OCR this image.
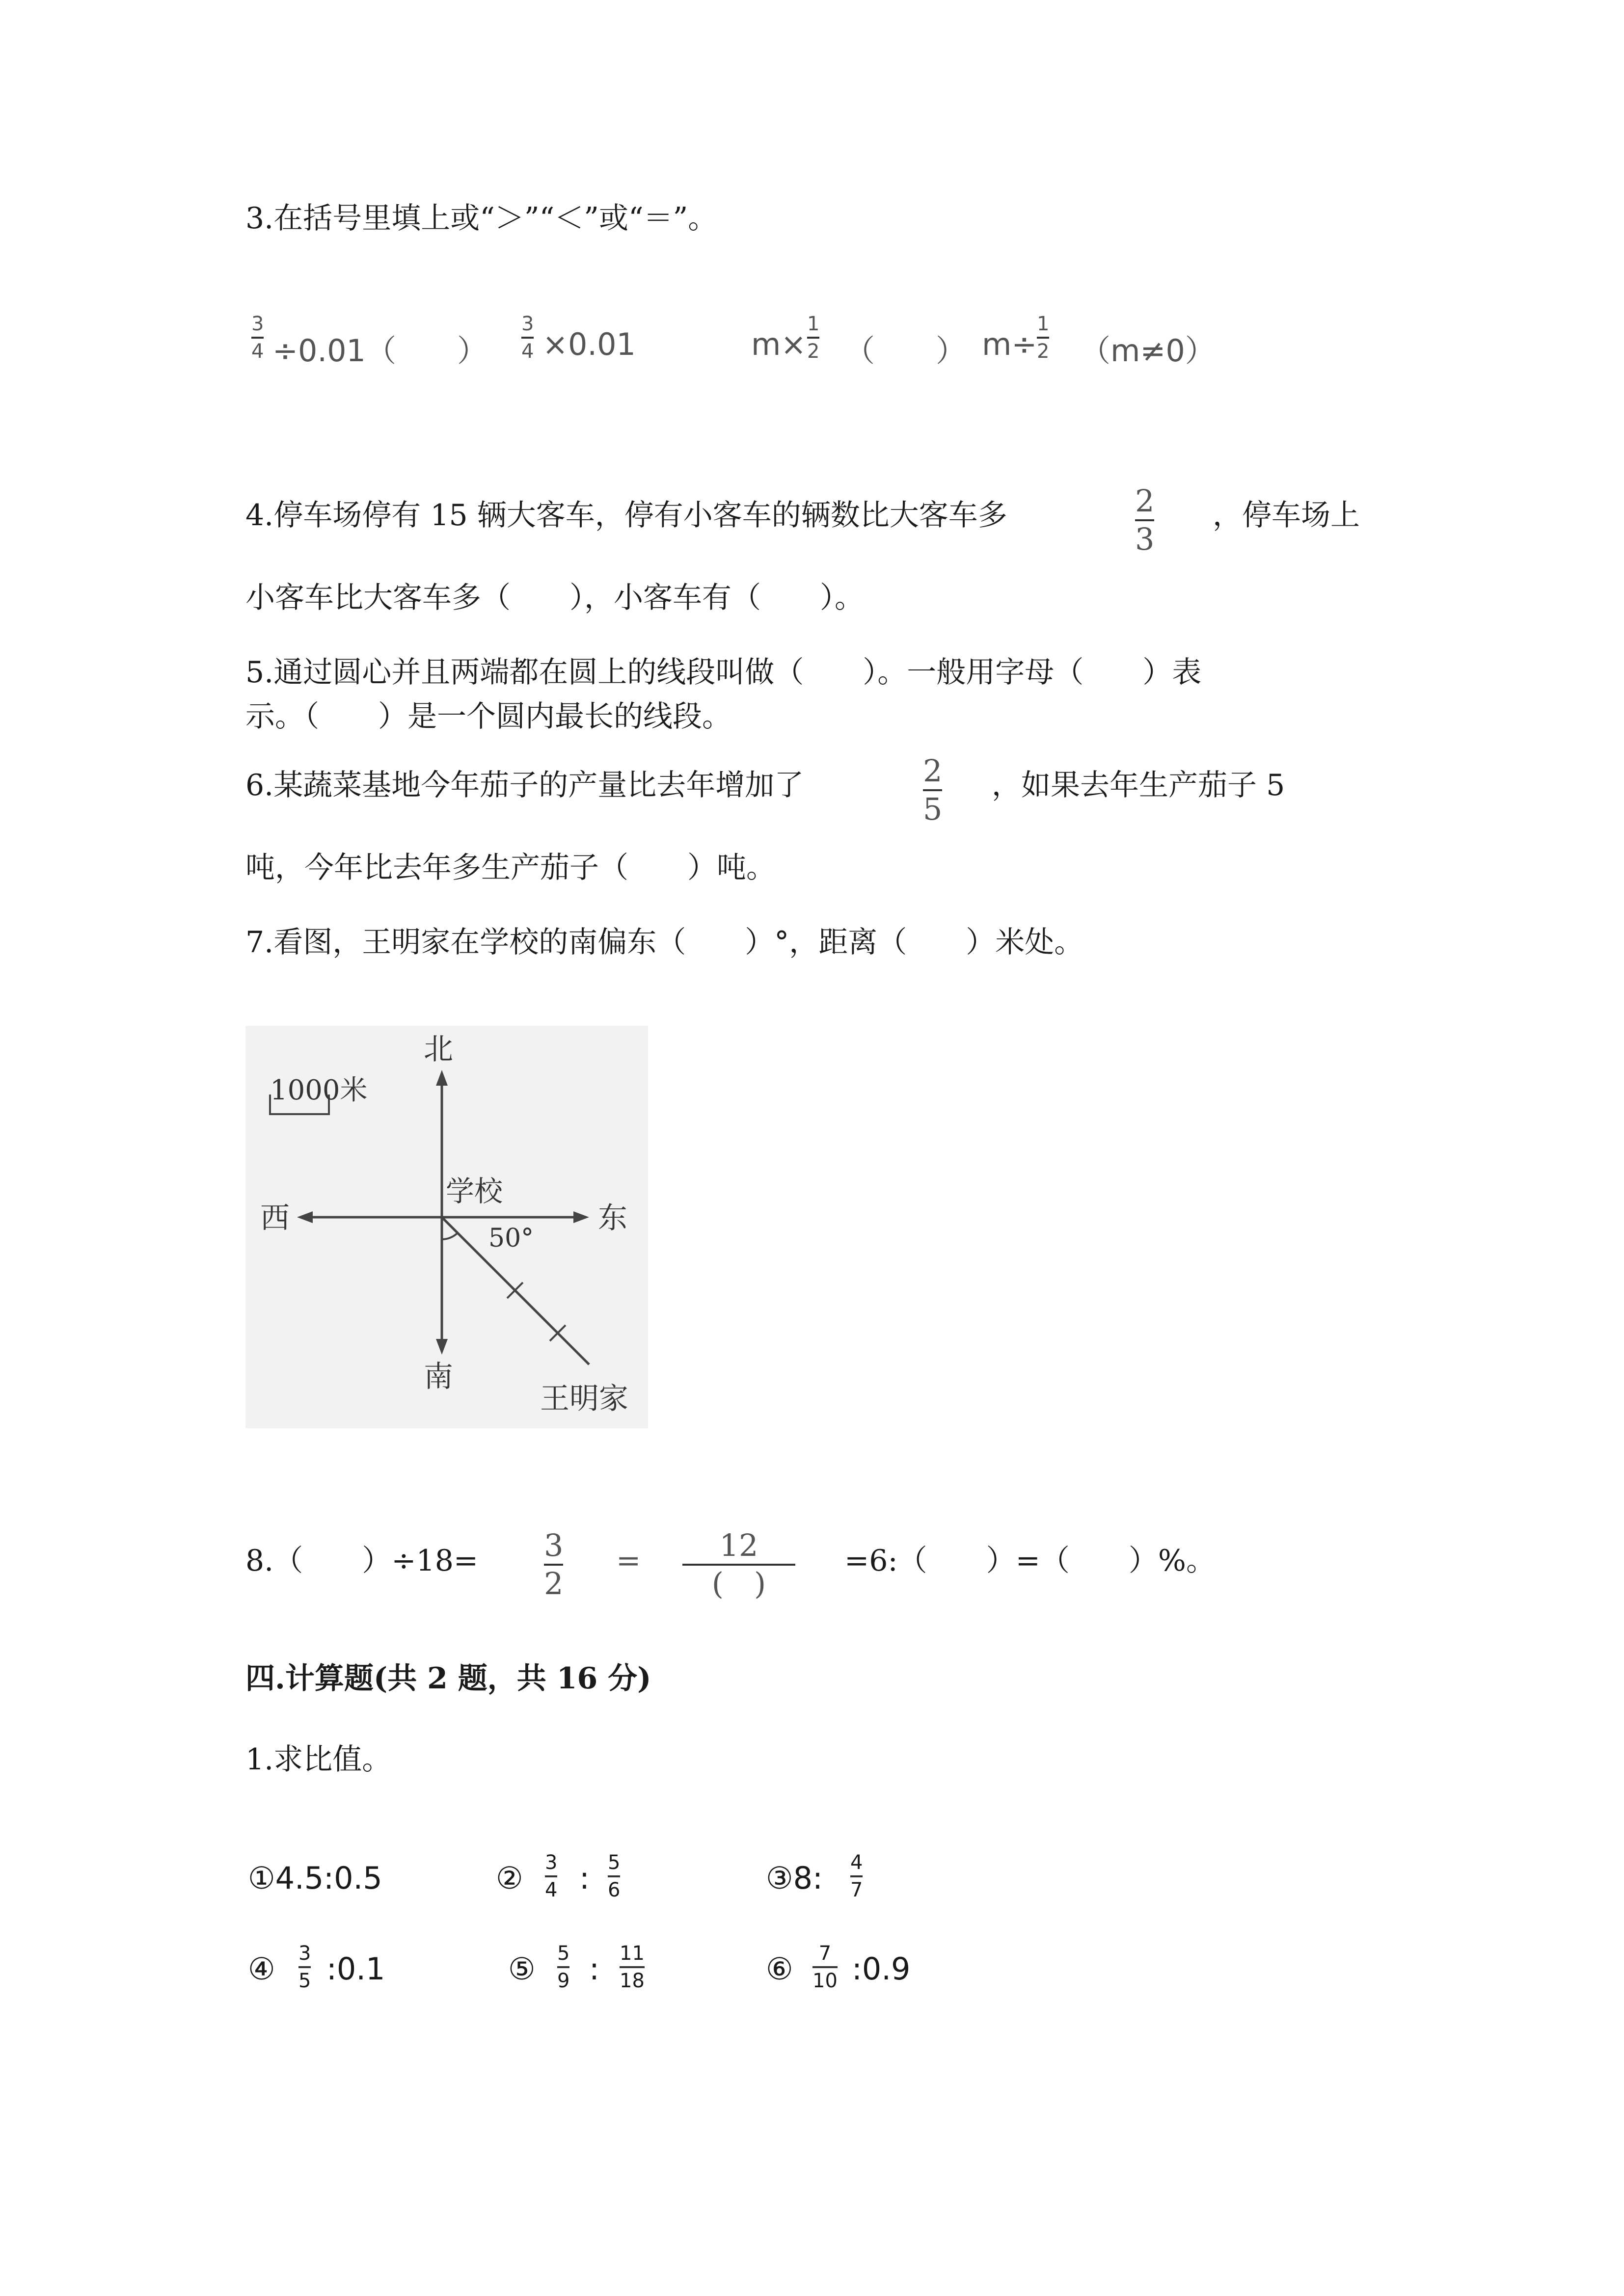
3.在括号里填上或“＞”“＜”或“＝”。
3
4 ÷0.01（　　）
3
4 ×0.01	m×
1
2 （　　） m÷
1
2 （m≠0）
4.停车场停有 15 辆大客车，停有小客车的辆数比大客车多	2
3
，停车场上
小客车比大客车多（　　），小客车有（　　）。
5.通过圆心并且两端都在圆上的线段叫做（　　）。一般用字母（　　）表
示。（　　）是一个圆内最长的线段。
6.某蔬菜基地今年茄子的产量比去年增加了	2
5
，如果去年生产茄子 5
吨，今年比去年多生产茄子（　　）吨。
7.看图，王明家在学校的南偏东（　　）°，距离（　　）米处。
1000米
北
南
东
西
学校
50°
王明家
8.（　　）÷18= 3
2
=	12
(　)
=6:（　　）=（　　）%。
四.计算题(共 2 题，共 16 分)
1.求比值。
①4.5:0.5	② 3
4 : 5
6	③8: 4
7
④ 3
5 :0.1	⑤ 5
9 : 11
18	⑥ 7
10 :0.9
